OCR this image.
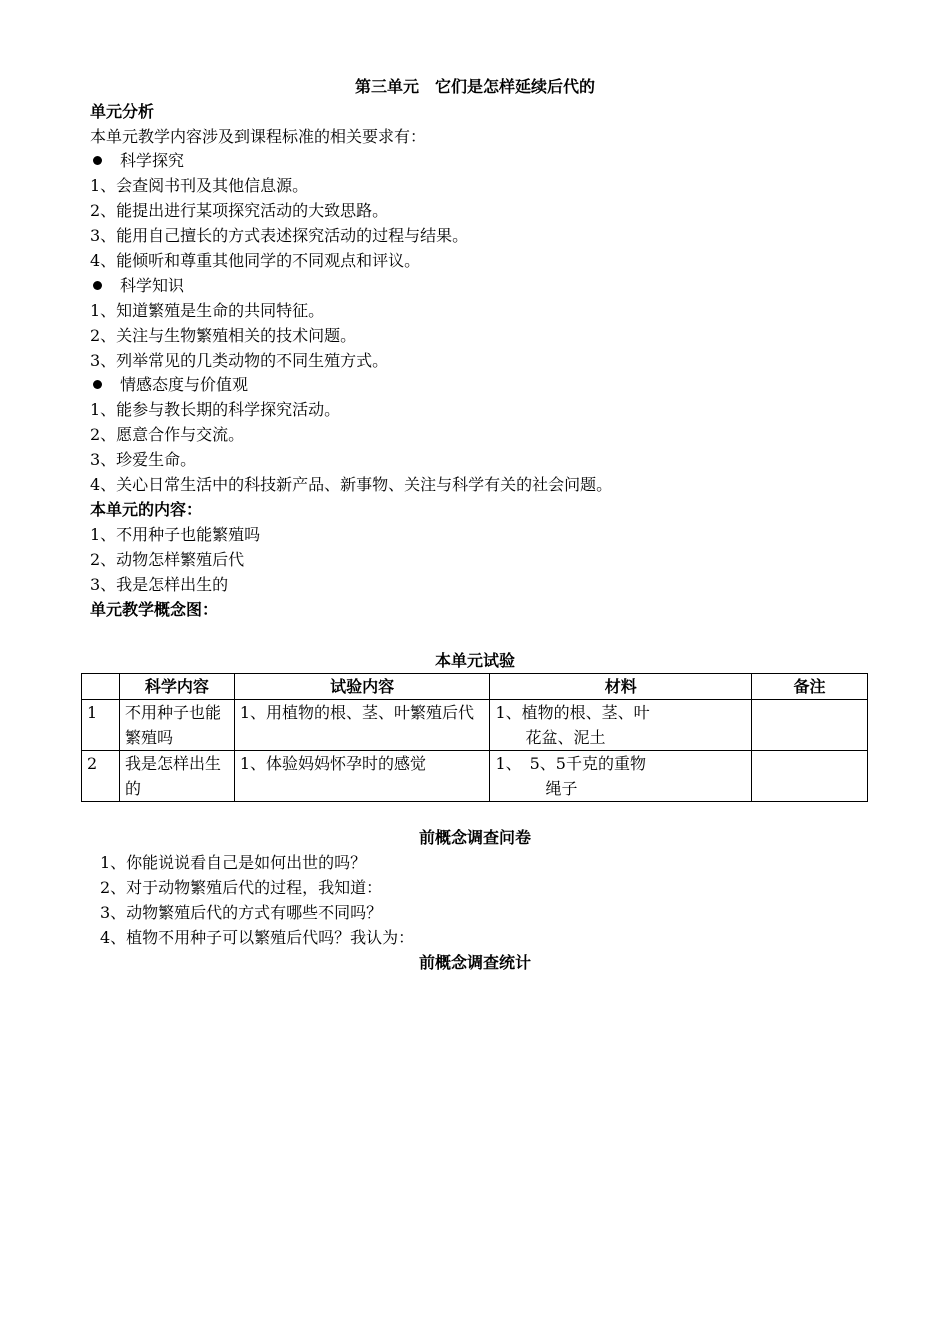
第三单元　它们是怎样延续后代的
单元分析
本单元教学内容涉及到课程标准的相关要求有：
科学探究
1、会查阅书刊及其他信息源。
2、能提出进行某项探究活动的大致思路。
3、能用自己擅长的方式表述探究活动的过程与结果。
4、能倾听和尊重其他同学的不同观点和评议。
科学知识
1、知道繁殖是生命的共同特征。
2、关注与生物繁殖相关的技术问题。
3、列举常见的几类动物的不同生殖方式。
情感态度与价值观
1、能参与教长期的科学探究活动。
2、愿意合作与交流。
3、珍爱生命。
4、关心日常生活中的科技新产品、新事物、关注与科学有关的社会问题。
本单元的内容：
1、不用种子也能繁殖吗
2、动物怎样繁殖后代
3、我是怎样出生的
单元教学概念图：
本单元试验
	科学内容	试验内容	材料	备注
1	不用种子也能繁殖吗	1、用植物的根、茎、叶繁殖后代	1、植物的根、茎、叶
花盆、泥土	

2	我是怎样出生的	1、体验妈妈怀孕时的感觉	1、　5、5千克的重物
绳子	

前概念调查问卷
1、你能说说看自己是如何出世的吗？
2、对于动物繁殖后代的过程，我知道：
3、动物繁殖后代的方式有哪些不同吗？
4、植物不用种子可以繁殖后代吗？我认为：
前概念调查统计
